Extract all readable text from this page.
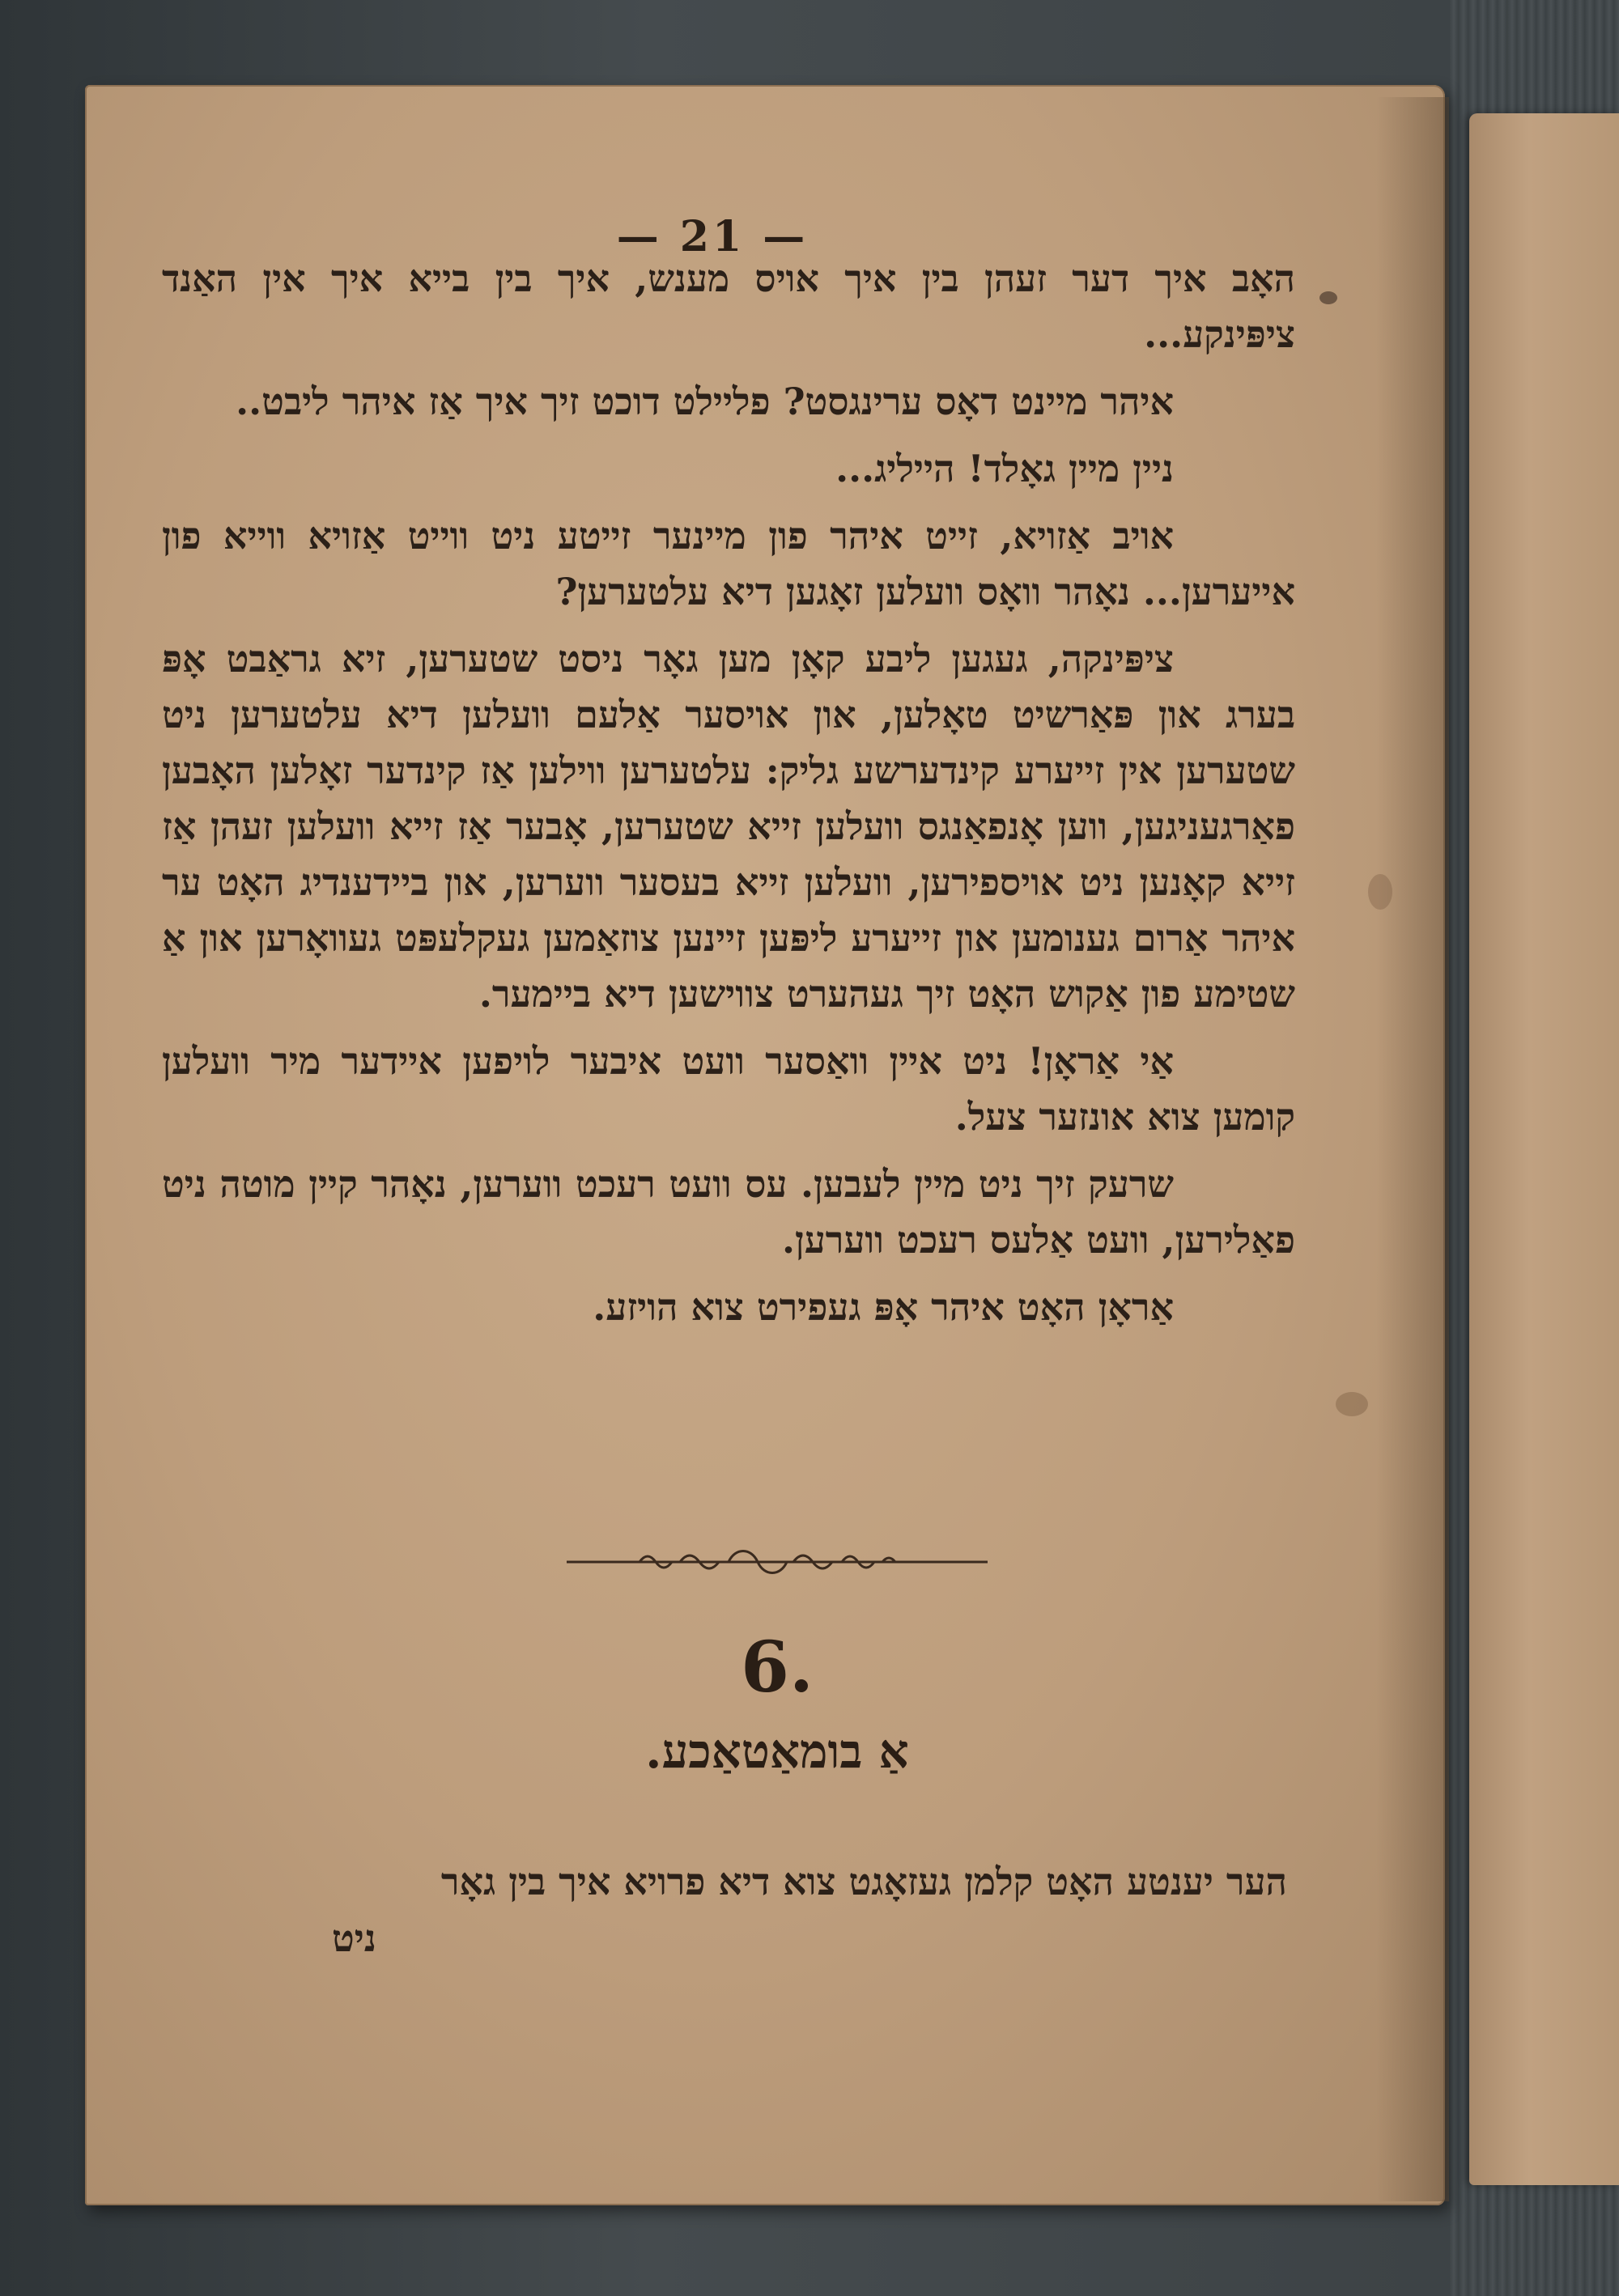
— 21 —

האָב איך דער זעהן בין איך אויס מענש, איך בין בייא איך אין האַנד ציפּינקע...

איהר מיינט דאָס ערינגסט? פליילט דוכט זיך איך אַז איהר ליבט..

ניין מיין גאָלד! הייליג...

אויב אַזויא, זייט איהר פון מיינער זייטע ניט ווייט אַזויא ווייא פון אייערען... נאָהר וואָס וועלען זאָגען דיא עלטערען?

ציפּינקה, געגען ליבע קאָן מען גאָר ניסט שטערען, זיא גראַבט אָפּ בערג און פּאַרשיט טאָלען, און אויסער אַלעם וועלען דיא עלטערען ניט שטערען אין זייערע קינדערשע גליק: עלטערען ווילען אַז קינדער זאָלען האָבען פאַרגעניגען, ווען אָנפאַנגס וועלען זייא שטערען, אָבער אַז זייא וועלען זעהן אַז זייא קאָנען ניט אויספירען, וועלען זייא בעסער ווערען, און ביידענדיג האָט ער איהר אַרום גענומען און זייערע ליפּען זיינען צוזאַמען געקלעפּט געוואָרען און אַ שטימע פון אַקוש האָט זיך געהערט צווישען דיא ביימער.

אַי אַראָן! ניט איין וואַסער וועט איבער לויפען איידער מיר וועלען קומען צוא אונזער צעל.

שרעק זיך ניט מיין לעבען. עס וועט רעכט ווערען, נאָהר קיין מוטה ניט פאַלירען, וועט אַלעס רעכט ווערען.

אַראָן האָט איהר אָפּ געפירט צוא הויזע.

6.
אַ בומאַטאַכע.

הער יענטע האָט קלמן געזאָגט צוא דיא פרויא איך בין גאָר

ניט
